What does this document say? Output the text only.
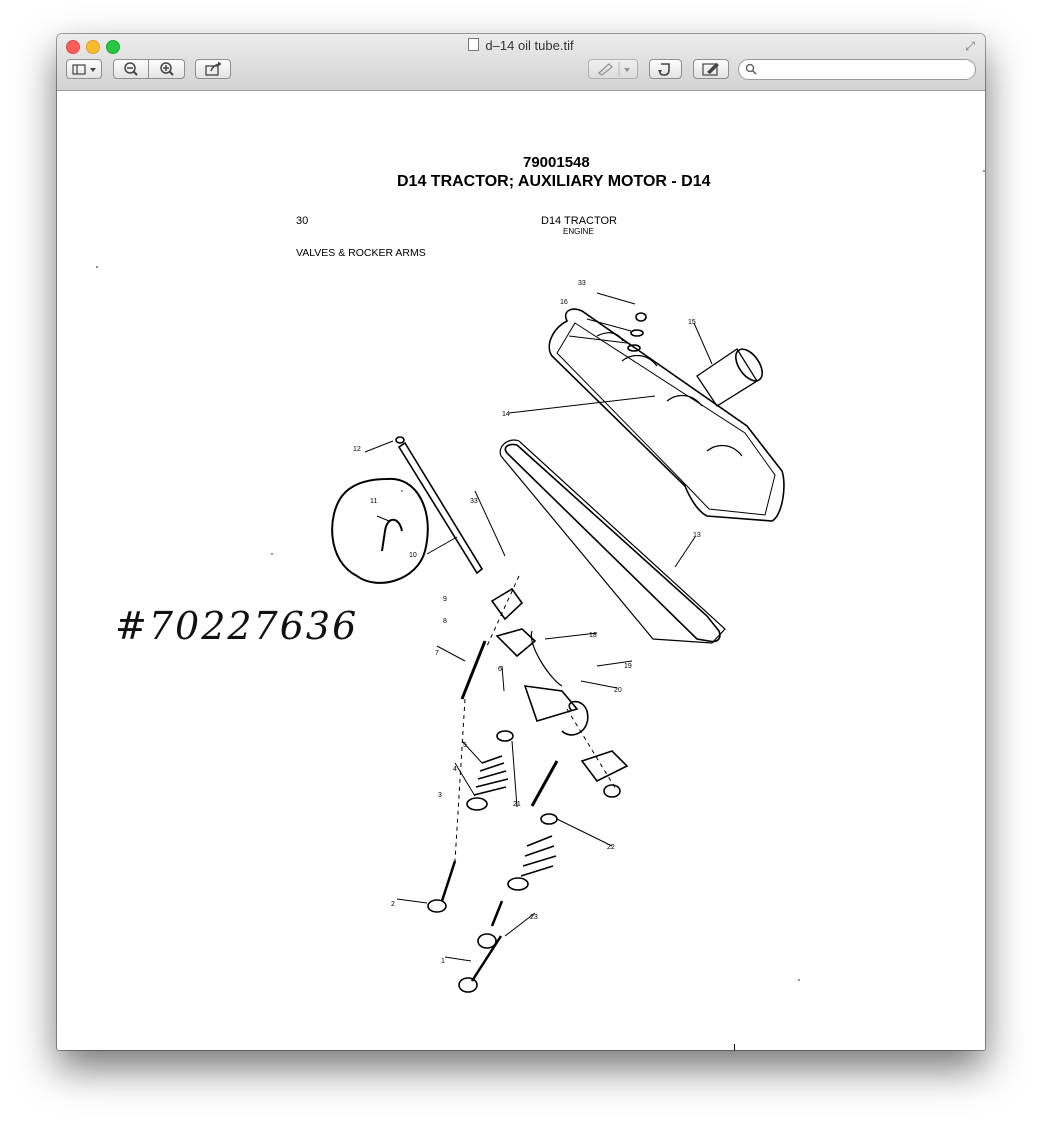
d–14 oil tube.tif	⤢
79001548
D14 TRACTOR; AUXILIARY MOTOR - D14
30	D14 TRACTOR
ENGINE
VALVES & ROCKER ARMS
33
16
15
14
13
12
11	33
10
9
8
7
6
18
19
20
5
4
3
21
22
2
23
1
#70227636
